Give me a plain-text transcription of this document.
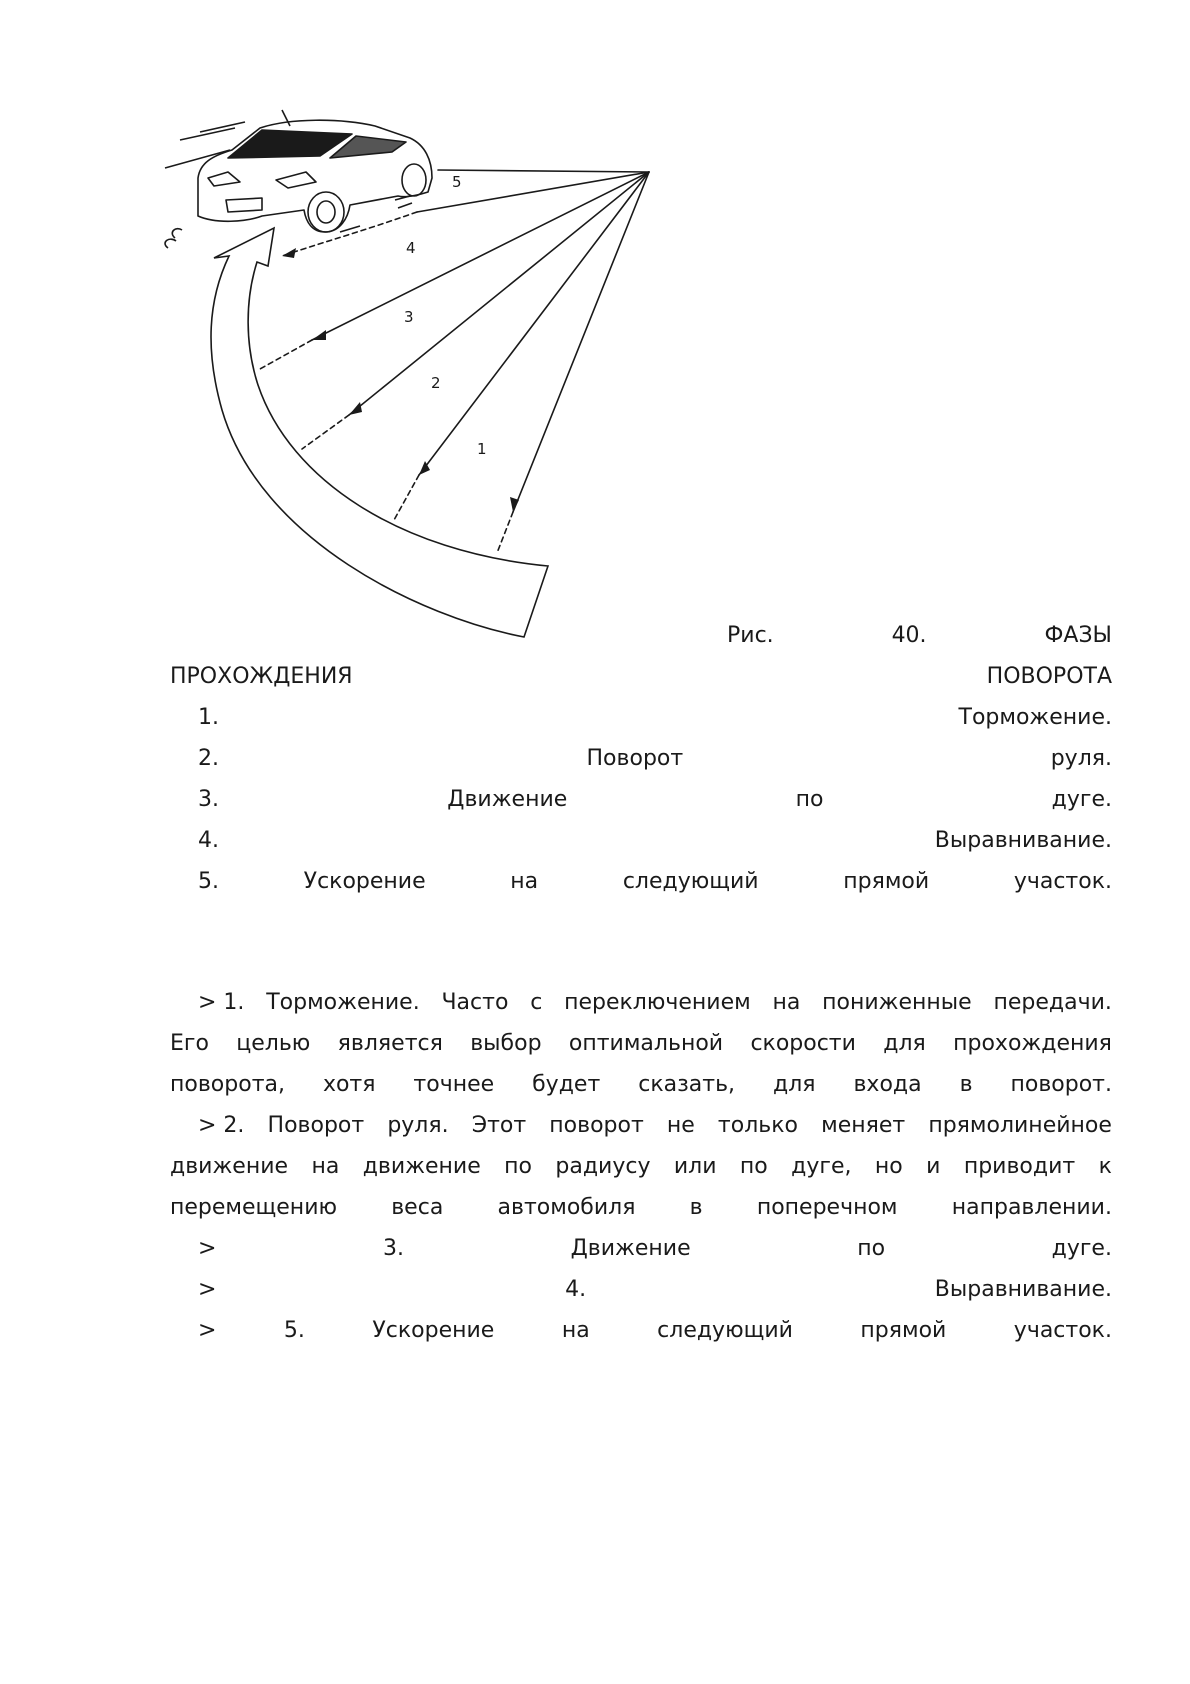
5
4
3
2
1
Рис.	40.	ФАЗЫ
ПРОХОЖДЕНИЯ	ПОВОРОТА
1.	Торможение.
2.	Поворот	руля.
3.	Движение	по	дуге.
4.	Выравнивание.
5.	Ускорение	на	следующий	прямой	участок.
> 1. Торможение. Часто с переключением на пониженные передачи.
Его целью является выбор оптимальной скорости для прохождения
поворота, хотя точнее будет сказать, для входа в поворот.
> 2. Поворот руля. Этот поворот не только меняет прямолинейное
движение на движение по радиусу или по дуге, но и приводит к
перемещению веса автомобиля в поперечном направлении.
>	3.	Движение	по	дуге.
>	4.	Выравнивание.
>	5.	Ускорение	на	следующий	прямой	участок.
